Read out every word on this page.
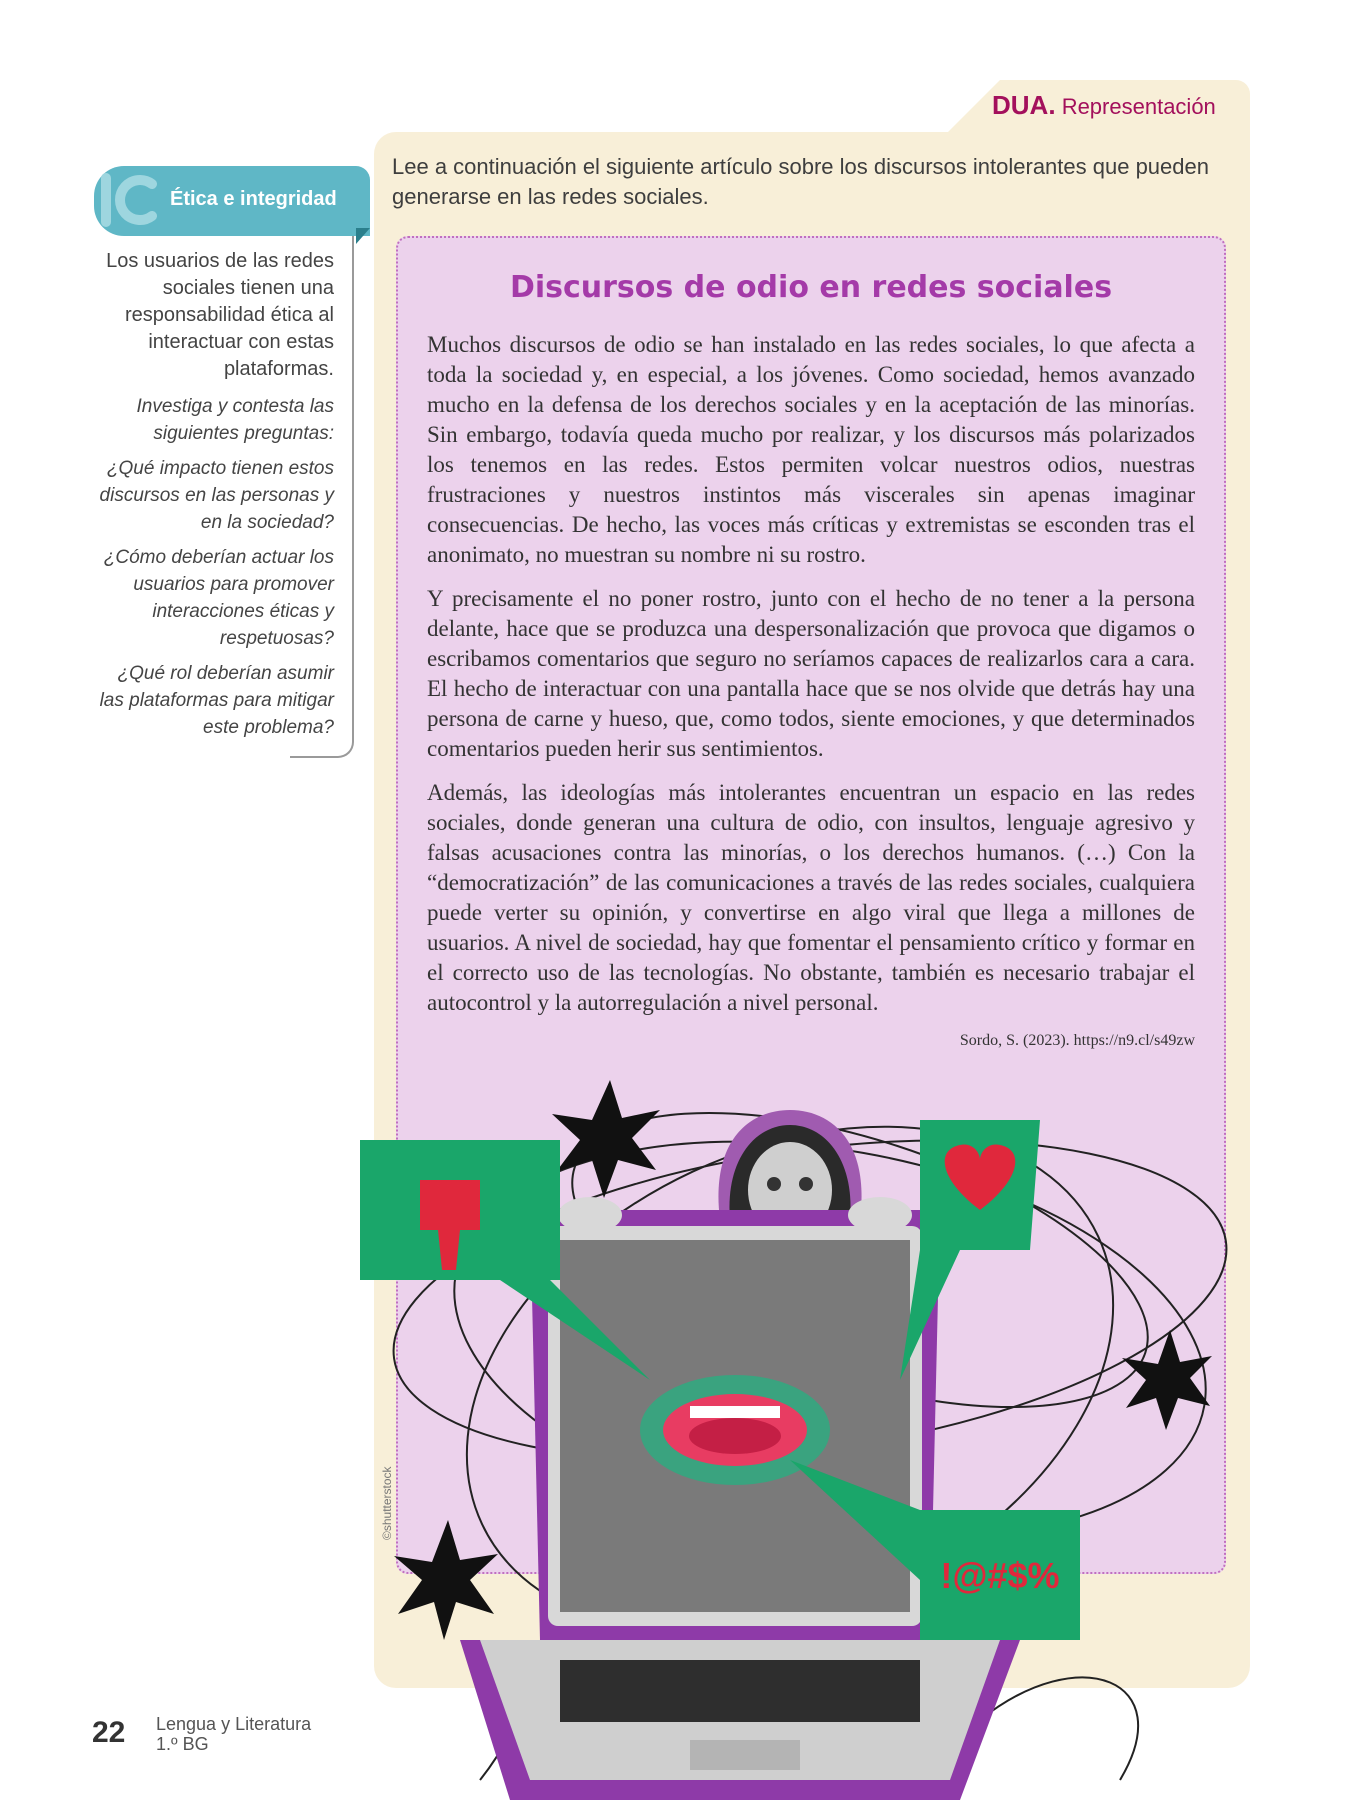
DUA. Representación
Lee a continuación el siguiente artículo sobre los discursos intolerantes que pueden generarse en las redes sociales.
Discursos de odio en redes sociales

Muchos discursos de odio se han instalado en las redes sociales, lo que afecta a toda la sociedad y, en especial, a los jóvenes. Como sociedad, hemos avanzado mucho en la defensa de los derechos sociales y en la aceptación de las minorías. Sin embargo, todavía queda mucho por realizar, y los discursos más polarizados los tenemos en las redes. Estos permiten volcar nuestros odios, nuestras frustraciones y nuestros instintos más viscerales sin apenas imaginar consecuencias. De hecho, las voces más críticas y extremistas se esconden tras el anonimato, no muestran su nombre ni su rostro.

Y precisamente el no poner rostro, junto con el hecho de no tener a la persona delante, hace que se produzca una despersonalización que provoca que digamos o escribamos comentarios que seguro no seríamos capaces de realizarlos cara a cara. El hecho de interactuar con una pantalla hace que se nos olvide que detrás hay una persona de carne y hueso, que, como todos, siente emociones, y que determinados comentarios pueden herir sus sentimientos.

Además, las ideologías más intolerantes encuentran un espacio en las redes sociales, donde generan una cultura de odio, con insultos, lenguaje agresivo y falsas acusaciones contra las minorías, o los derechos humanos. (…) Con la “democratización” de las comunicaciones a través de las redes sociales, cualquiera puede verter su opinión, y convertirse en algo viral que llega a millones de usuarios. A nivel de sociedad, hay que fomentar el pensamiento crítico y formar en el correcto uso de las tecnologías. No obstante, también es necesario trabajar el autocontrol y la autorregulación a nivel personal.

Sordo, S. (2023). https://n9.cl/s49zw
Ética e integridad

Los usuarios de las redes sociales tienen una responsabilidad ética al interactuar con estas plataformas.

Investiga y contesta las siguientes preguntas:

¿Qué impacto tienen estos discursos en las personas y en la sociedad?

¿Cómo deberían actuar los usuarios para promover interacciones éticas y respetuosas?

¿Qué rol deberían asumir las plataformas para mitigar este problema?

!@#$%
©shutterstock
22 Lengua y Literatura
1.º BG
